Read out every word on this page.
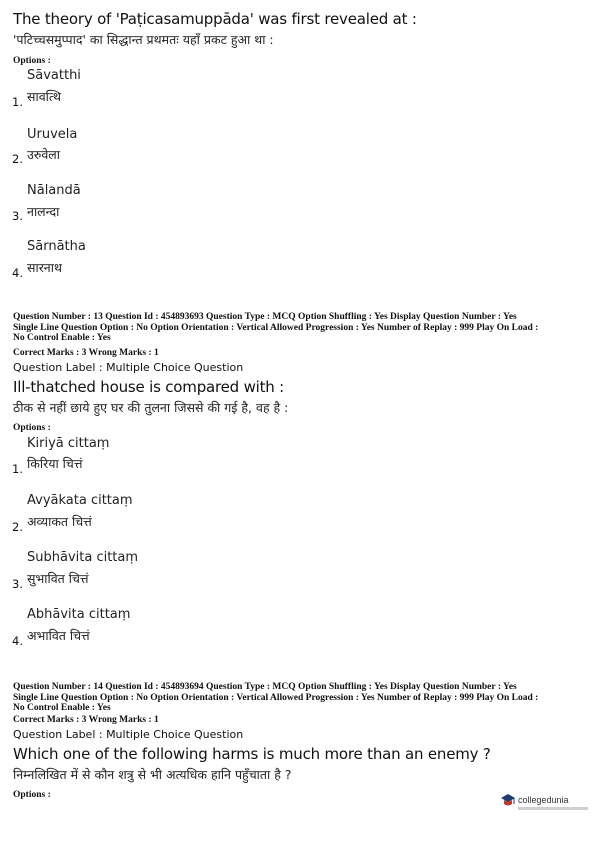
The theory of 'Paṭicasamuppāda' was first revealed at :
'पटिच्चसमुप्पाद' का सिद्धान्त प्रथमतः यहाँ प्रकट हुआ था :
Options :
Sāvatthi
सावत्थि
1.
Uruvela
उरुवेला
2.
Nālandā
नालन्दा
3.
Sārnātha
सारनाथ
4.
Question Number : 13 Question Id : 454893693 Question Type : MCQ Option Shuffling : Yes Display Question Number : Yes
Single Line Question Option : No Option Orientation : Vertical Allowed Progression : Yes Number of Replay : 999 Play On Load :
No Control Enable : Yes
Correct Marks : 3 Wrong Marks : 1
Question Label : Multiple Choice Question
Ill-thatched house is compared with :
ठीक से नहीं छाये हुए घर की तुलना जिससे की गई है, वह है :
Options :
Kiriyā cittaṃ
किरिया चित्तं
1.
Avyākata cittaṃ
अव्याकत चित्तं
2.
Subhāvita cittaṃ
सुभावित चित्तं
3.
Abhāvita cittaṃ
अभावित चित्तं
4.
Question Number : 14 Question Id : 454893694 Question Type : MCQ Option Shuffling : Yes Display Question Number : Yes
Single Line Question Option : No Option Orientation : Vertical Allowed Progression : Yes Number of Replay : 999 Play On Load :
No Control Enable : Yes
Correct Marks : 3 Wrong Marks : 1
Question Label : Multiple Choice Question
Which one of the following harms is much more than an enemy ?
निम्नलिखित में से कौन शत्रु से भी अत्यधिक हानि पहुँचाता है ?
Options :	collegedunia
